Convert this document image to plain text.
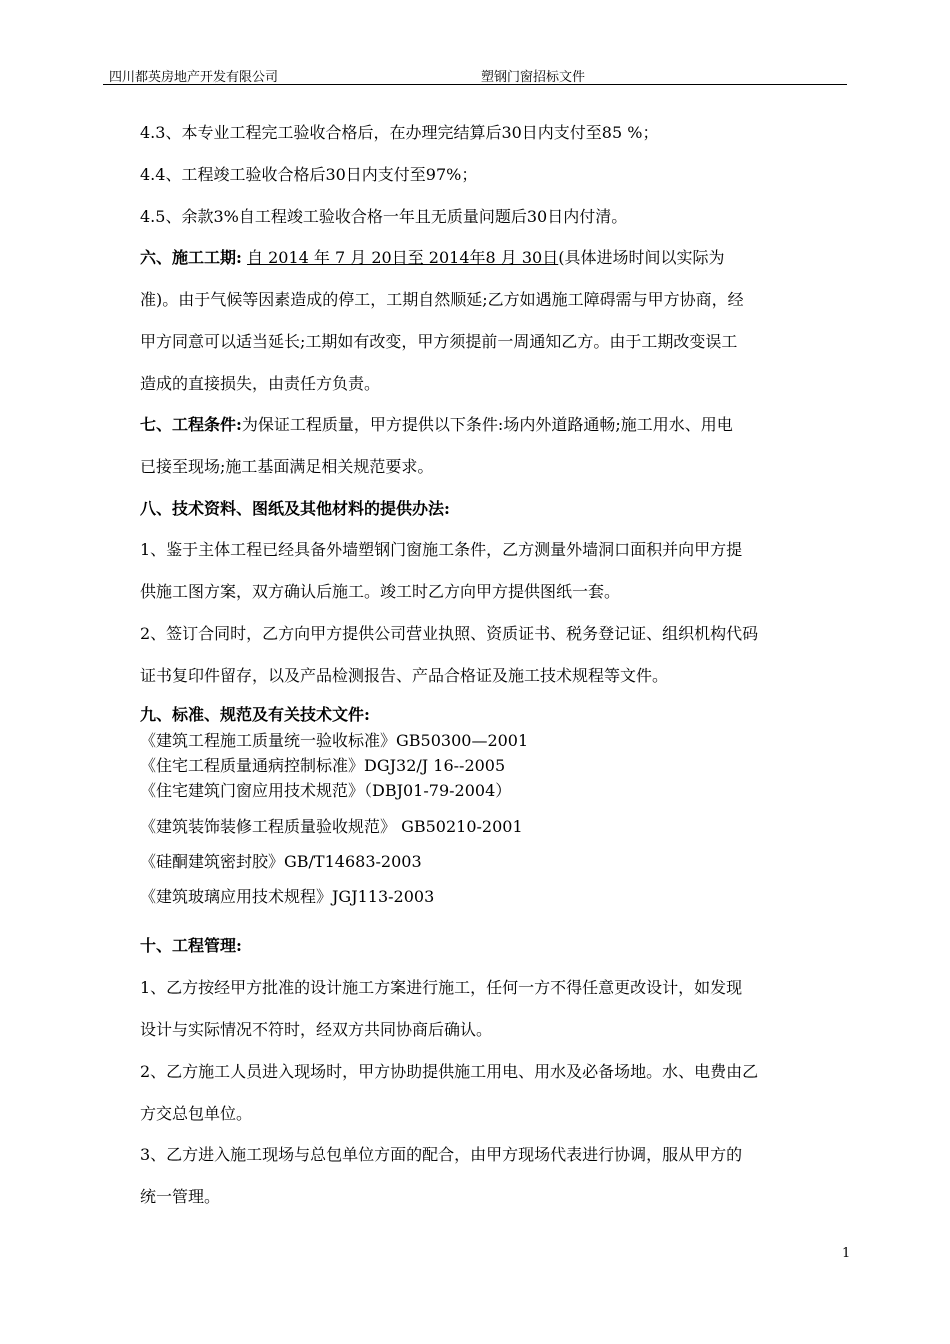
四川都英房地产开发有限公司	塑钢门窗招标文件
4.3、本专业工程完工验收合格后，在办理完结算后30日内支付至85 %；
4.4、工程竣工验收合格后30日内支付至97%；
4.5、余款3%自工程竣工验收合格一年且无质量问题后30日内付清。
六、施工工期: 自 2014 年 7 月 20日至 2014年8 月 30日(具体进场时间以实际为
准)。由于气候等因素造成的停工，工期自然顺延;乙方如遇施工障碍需与甲方协商，经
甲方同意可以适当延长;工期如有改变，甲方须提前一周通知乙方。由于工期改变误工
造成的直接损失，由责任方负责。
七、工程条件:为保证工程质量，甲方提供以下条件:场内外道路通畅;施工用水、用电
已接至现场;施工基面满足相关规范要求。
八、技术资料、图纸及其他材料的提供办法:
1、鉴于主体工程已经具备外墙塑钢门窗施工条件，乙方测量外墙洞口面积并向甲方提
供施工图方案，双方确认后施工。竣工时乙方向甲方提供图纸一套。
2、签订合同时，乙方向甲方提供公司营业执照、资质证书、税务登记证、组织机构代码
证书复印件留存，以及产品检测报告、产品合格证及施工技术规程等文件。
九、标准、规范及有关技术文件:
《建筑工程施工质量统一验收标准》GB50300—2001
《住宅工程质量通病控制标准》DGJ32/J 16--2005
《住宅建筑门窗应用技术规范》（DBJ01-79-2004）
《建筑装饰装修工程质量验收规范》 GB50210-2001
《硅酮建筑密封胶》GB/T14683-2003
《建筑玻璃应用技术规程》JGJ113-2003
十、工程管理:
1、乙方按经甲方批准的设计施工方案进行施工，任何一方不得任意更改设计，如发现
设计与实际情况不符时，经双方共同协商后确认。
2、乙方施工人员进入现场时，甲方协助提供施工用电、用水及必备场地。水、电费由乙
方交总包单位。
3、乙方进入施工现场与总包单位方面的配合，由甲方现场代表进行协调，服从甲方的
统一管理。
1
